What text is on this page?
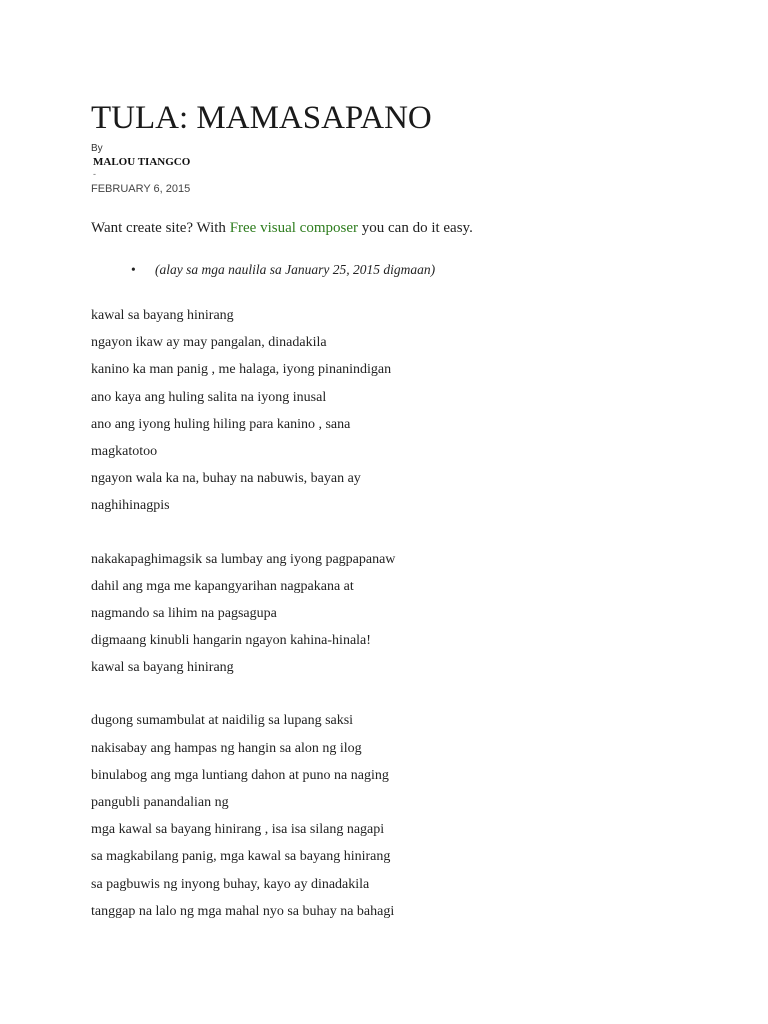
TULA: MAMASAPANO
By
MALOU TIANGCO
-
FEBRUARY 6, 2015

Want create site? With Free visual composer you can do it easy.

• (alay sa mga naulila sa January 25, 2015 digmaan)

kawal sa bayang hinirang
ngayon ikaw ay may pangalan, dinadakila
kanino ka man panig , me halaga, iyong pinanindigan
ano kaya ang huling salita na iyong inusal
ano ang iyong huling hiling para kanino , sana
magkatotoo
ngayon wala ka na, buhay na nabuwis, bayan ay
naghihinagpis

nakakapaghimagsik sa lumbay ang iyong pagpapanaw
dahil ang mga me kapangyarihan nagpakana at
nagmando sa lihim na pagsagupa
digmaang kinubli hangarin ngayon kahina-hinala!
kawal sa bayang hinirang

dugong sumambulat at naidilig sa lupang saksi
nakisabay ang hampas ng hangin sa alon ng ilog
binulabog ang mga luntiang dahon at puno na naging
pangubli panandalian ng
mga kawal sa bayang hinirang , isa isa silang nagapi
sa magkabilang panig, mga kawal sa bayang hinirang
sa pagbuwis ng inyong buhay, kayo ay dinadakila
tanggap na lalo ng mga mahal nyo sa buhay na bahagi
